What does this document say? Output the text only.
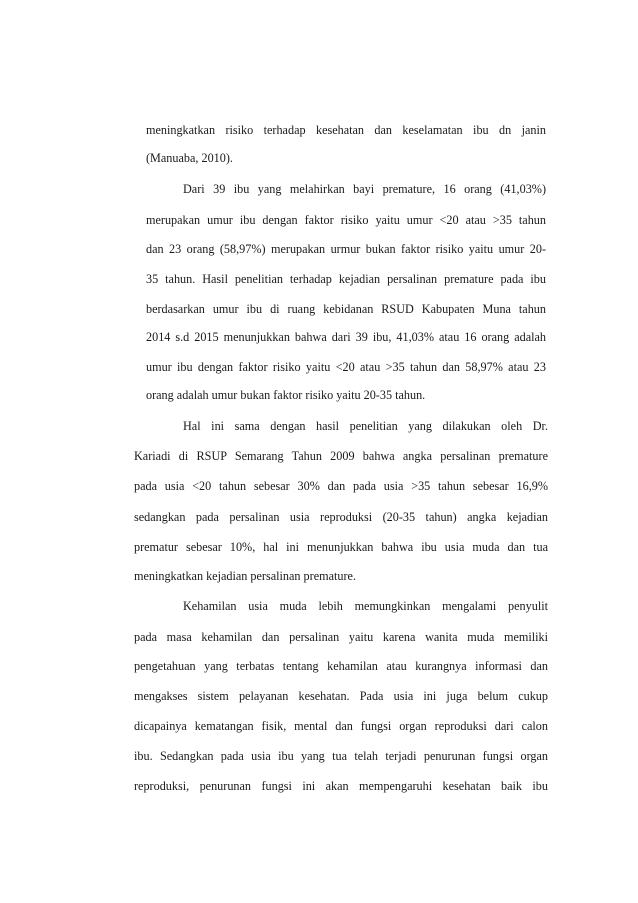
meningkatkan risiko terhadap kesehatan dan keselamatan ibu dn janin
(Manuaba, 2010).
Dari 39 ibu yang melahirkan bayi premature, 16 orang (41,03%)
merupakan umur ibu dengan faktor risiko yaitu umur <20 atau >35 tahun
dan 23 orang (58,97%) merupakan urmur bukan faktor risiko yaitu umur 20-
35 tahun. Hasil penelitian terhadap kejadian persalinan premature pada ibu
berdasarkan umur ibu di ruang kebidanan RSUD Kabupaten Muna tahun
2014 s.d 2015 menunjukkan bahwa dari 39 ibu, 41,03% atau 16 orang adalah
umur ibu dengan faktor risiko yaitu <20 atau >35 tahun dan 58,97% atau 23
orang adalah umur bukan faktor risiko yaitu 20-35 tahun.
Hal ini sama dengan hasil penelitian yang dilakukan oleh Dr.
Kariadi di RSUP Semarang Tahun 2009 bahwa angka persalinan premature
pada usia <20 tahun sebesar 30% dan pada usia >35 tahun sebesar 16,9%
sedangkan pada persalinan usia reproduksi (20-35 tahun) angka kejadian
prematur sebesar 10%, hal ini menunjukkan bahwa ibu usia muda dan tua
meningkatkan kejadian persalinan premature.
Kehamilan usia muda lebih memungkinkan mengalami penyulit
pada masa kehamilan dan persalinan yaitu karena wanita muda memiliki
pengetahuan yang terbatas tentang kehamilan atau kurangnya informasi dan
mengakses sistem pelayanan kesehatan. Pada usia ini juga belum cukup
dicapainya kematangan fisik, mental dan fungsi organ reproduksi dari calon
ibu. Sedangkan pada usia ibu yang tua telah terjadi penurunan fungsi organ
reproduksi, penurunan fungsi ini akan mempengaruhi kesehatan baik ibu
